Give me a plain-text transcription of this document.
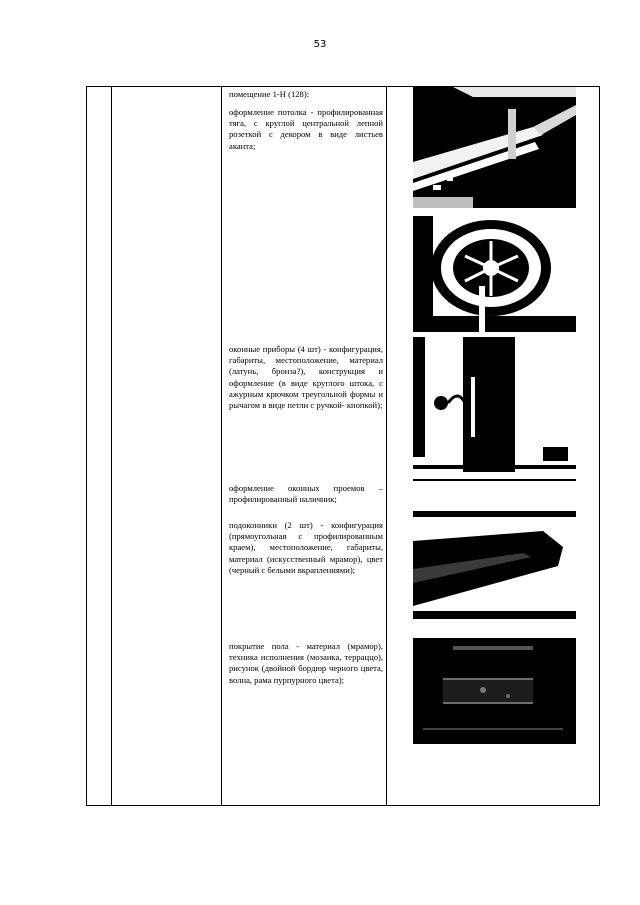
53
помещение 1-Н (128):
оформление потолка - профилированная тяга, с круглой центральной лепной розеткой с декором в виде листьев аканта;
оконные приборы (4 шт) - конфигурация, габариты, местоположение, материал (латунь, бронза?), конструкция и оформление (в виде круглого штока, с ажурным крючком треугольной формы и рычагом в виде петли с ручкой- кнопкой);
оформление оконных проемов – профилированный наличник;
подоконники (2 шт) - конфигурация (прямоугольная с профилированным краем), местоположение, габариты, материал (искусственный мрамор), цвет (черный с белыми вкраплениями);
покрытие пола - материал (мрамор), техника исполнения (мозаика, терраццо), рисунок (двойной бордюр черного цвета, волна, рама пурпурного цвета);
